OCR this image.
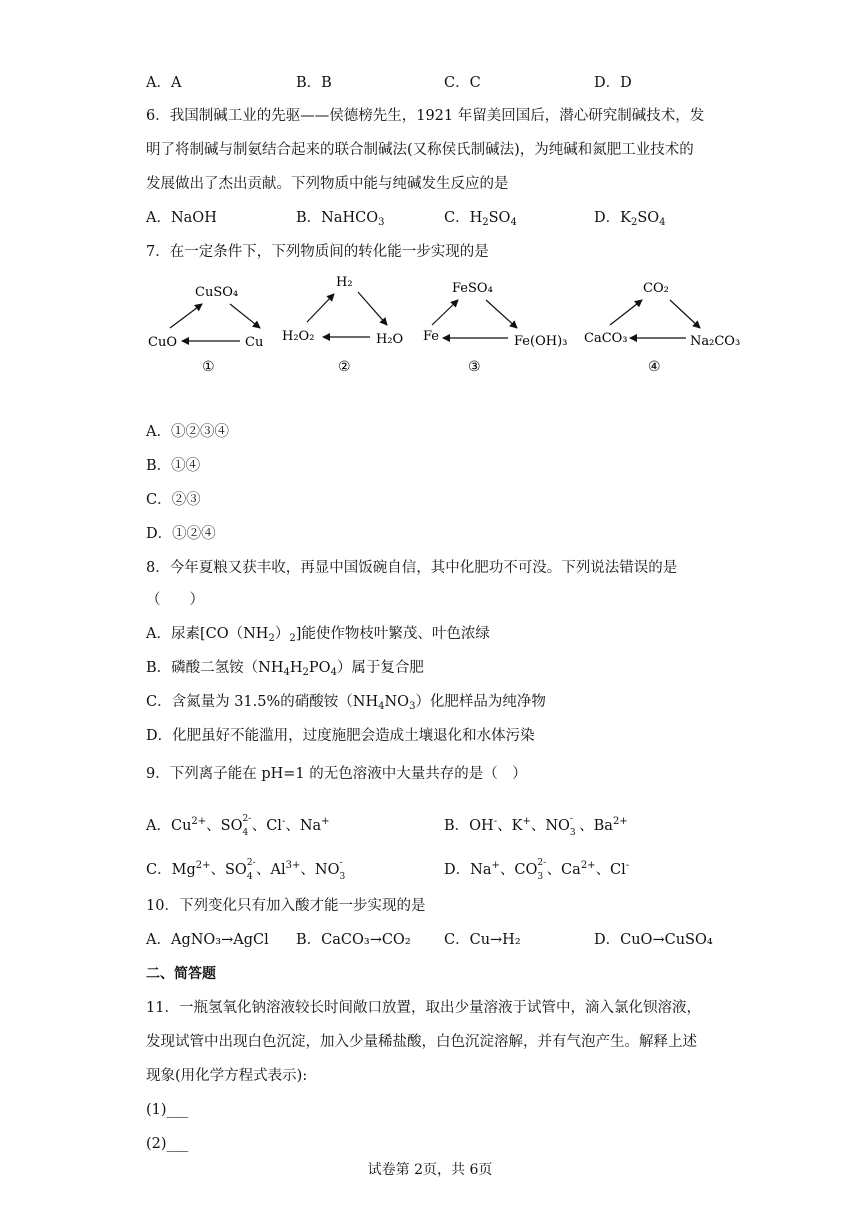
A．A	B．B	C．C	D．D
6．我国制碱工业的先驱——侯德榜先生，1921 年留美回国后，潜心研究制碱技术，发
明了将制碱与制氨结合起来的联合制碱法(又称侯氏制碱法)，为纯碱和氮肥工业技术的
发展做出了杰出贡献。下列物质中能与纯碱发生反应的是
A．NaOH	B．NaHCO$_3$	C．$H_2SO_4$	D．$K_2SO_4$
7．在一定条件下，下列物质间的转化能一步实现的是
CuSO₄
CuO	Cu
①
H₂
H₂O₂	H₂O
②
FeSO₄
Fe	Fe(OH)₃
③
CO₂
CaCO₃	Na₂CO₃
④
A．①②③④
B．①④
C．②③
D．①②④
8．今年夏粮又获丰收，再显中国饭碗自信，其中化肥功不可没。下列说法错误的是
（　　）
A．尿素$[CO(NH_2)_2]$能使作物枝叶繁茂、叶色浓绿
B．磷酸二氢铵$(NH_4H_2PO_4)$属于复合肥
C．含氮量为 31.5%的硝酸铵$(NH_4NO_3)$化肥样品为纯净物
D．化肥虽好不能滥用，过度施肥会造成土壤退化和水体污染
9．下列离子能在 pH=1 的无色溶液中大量共存的是（　）
A．$Cu^{2+}$、SO 2-
4 、Cl-、Na+	B．OH-、K+、NO -
3 、$Ba^{2+}$
C．$Mg^{2+}$、SO 2-
4 、$Al^{3+}$、NO -
3
	D．Na+、CO 2-
3 、$Ca^{2+}$、Cl-
10．下列变化只有加入酸才能一步实现的是
A．AgNO₃→AgCl B．CaCO₃→CO₂ C．Cu→H₂	D．CuO→CuSO₄
二、简答题
11．一瓶氢氧化钠溶液较长时间敞口放置，取出少量溶液于试管中，滴入氯化钡溶液，
发现试管中出现白色沉淀，加入少量稀盐酸，白色沉淀溶解，并有气泡产生。解释上述
现象(用化学方程式表示):
(1)___
(2)___
试卷第 2页，共 6页
